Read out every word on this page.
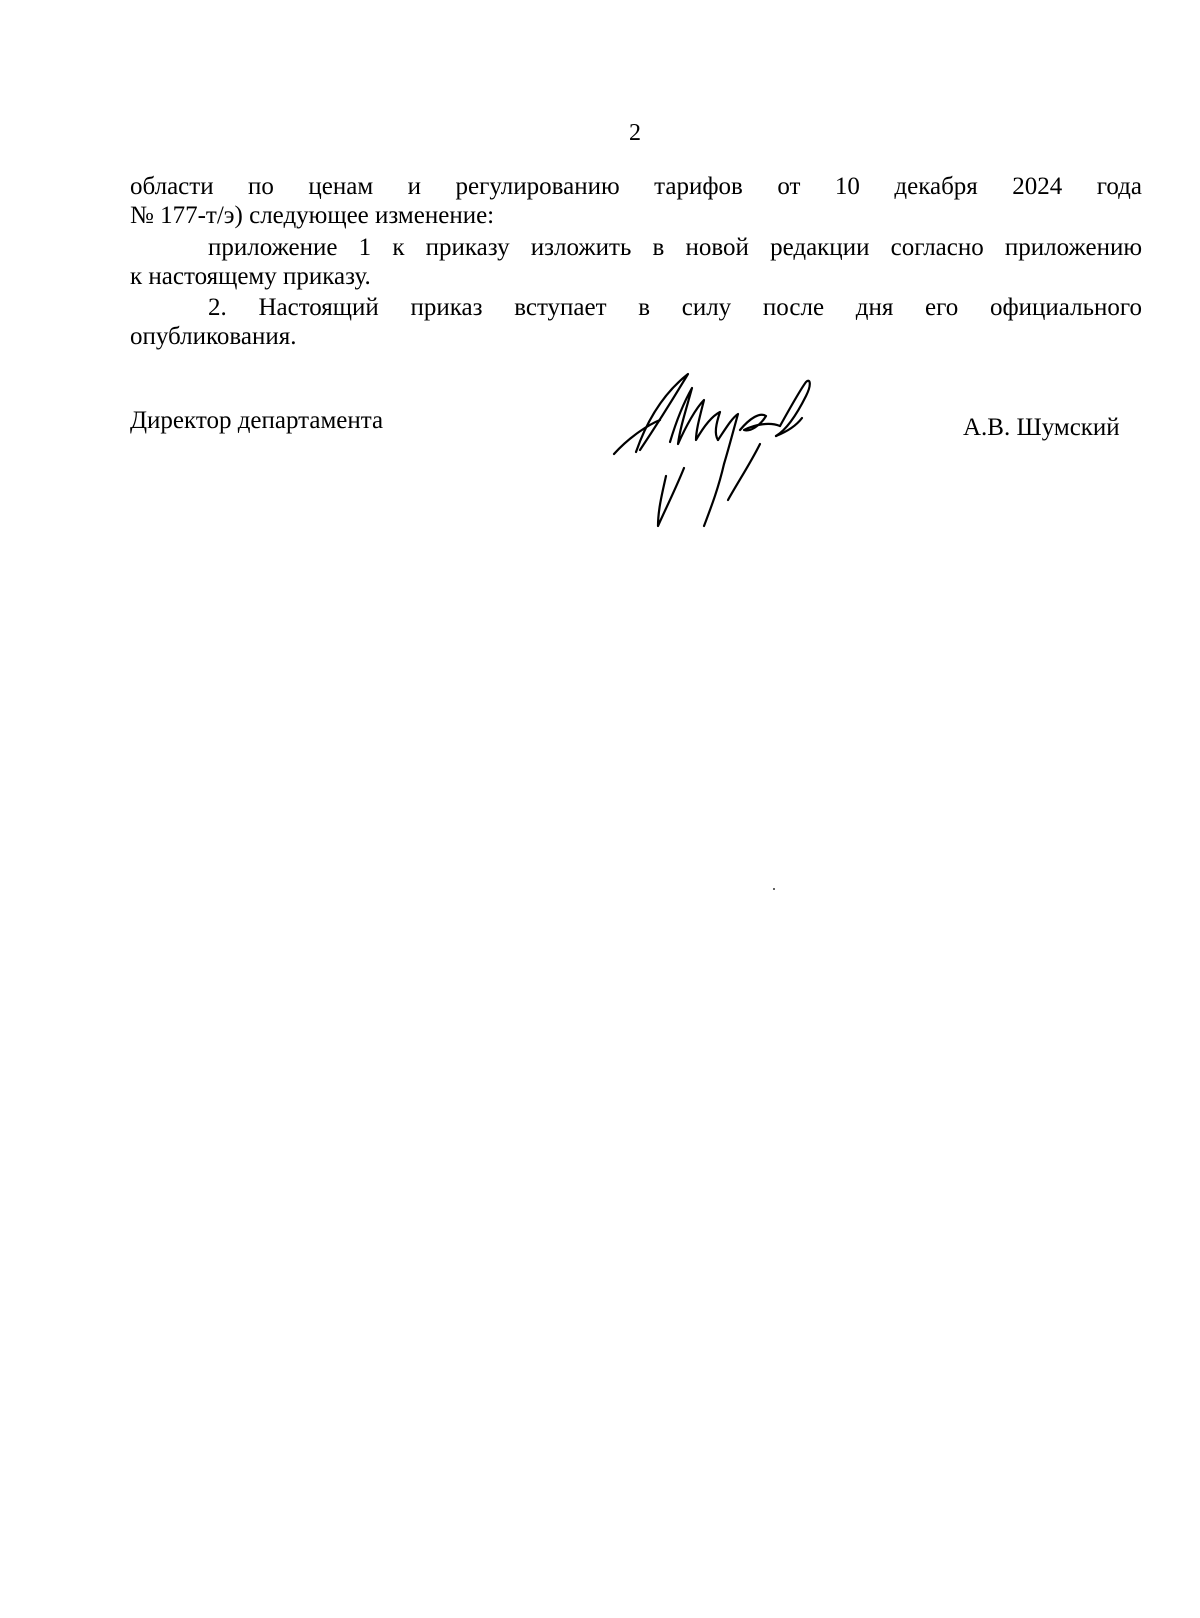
2
области по ценам и регулированию тарифов от 10 декабря 2024 года
№ 177-т/э) следующее изменение:
приложение 1 к приказу изложить в новой редакции согласно приложению
к настоящему приказу.
2. Настоящий приказ вступает в силу после дня его официального
опубликования.
Директор департамента	А.В. Шумский
